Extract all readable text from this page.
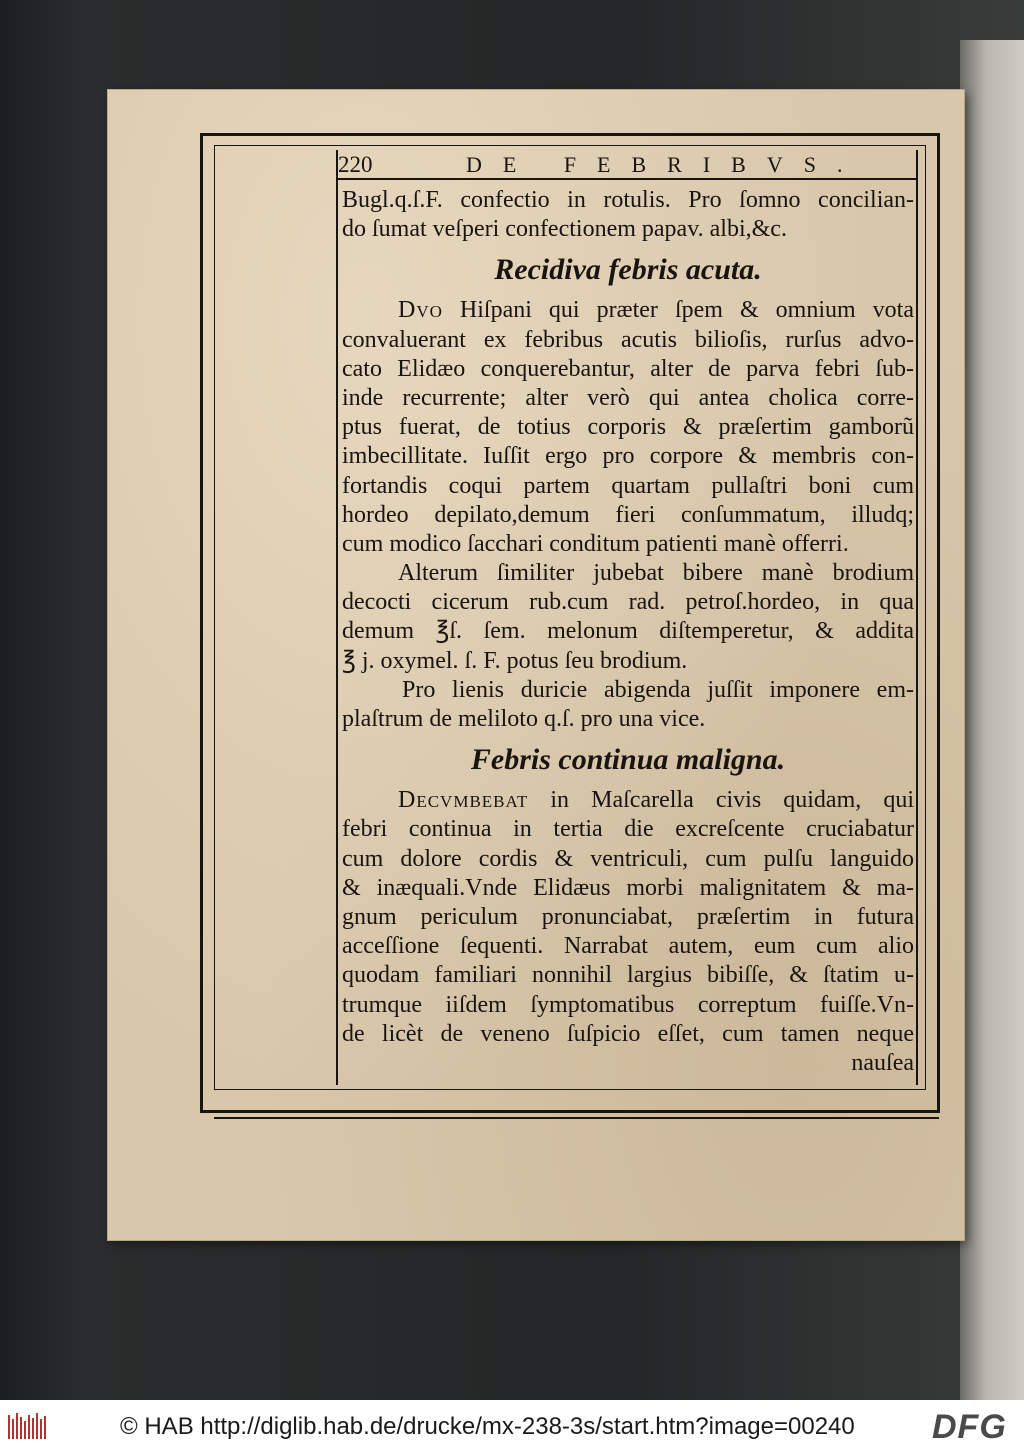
220	DE FEBRIBVS.
Bugl.q.ſ.F. confectio in rotulis. Pro ſomno concilian-
do ſumat veſperi confectionem papav. albi,&c.
Recidiva febris acuta.
Dvo Hiſpani qui præter ſpem & omnium vota
convaluerant ex febribus acutis bilioſis, rurſus advo-
cato Elidæo conquerebantur, alter de parva febri ſub-
inde recurrente; alter verò qui antea cholica corre-
ptus fuerat, de totius corporis & præſertim gamborũ
imbecillitate. Iuſſit ergo pro corpore & membris con-
fortandis coqui partem quartam pullaſtri boni cum
hordeo depilato,demum fieri conſummatum, illudq;
cum modico ſacchari conditum patienti manè offerri.
Alterum ſimiliter jubebat bibere manè brodium
decocti cicerum rub.cum rad. petroſ.hordeo, in qua
demum ℥ſ. ſem. melonum diſtemperetur, & addita
℥ j. oxymel. ſ. F. potus ſeu brodium.
Pro lienis duricie abigenda juſſit imponere em-
plaſtrum de meliloto q.ſ. pro una vice.
Febris continua maligna.
Decvmbebat in Maſcarella civis quidam, qui
febri continua in tertia die excreſcente cruciabatur
cum dolore cordis & ventriculi, cum pulſu languido
& inæquali.Vnde Elidæus morbi malignitatem & ma-
gnum periculum pronunciabat, præſertim in futura
acceſſione ſequenti. Narrabat autem, eum cum alio
quodam familiari nonnihil largius bibiſſe, & ſtatim u-
trumque iiſdem ſymptomatibus correptum fuiſſe.Vn-
de licèt de veneno ſuſpicio eſſet, cum tamen neque
nauſea
© HAB http://diglib.hab.de/drucke/mx-238-3s/start.htm?image=00240 DFG
